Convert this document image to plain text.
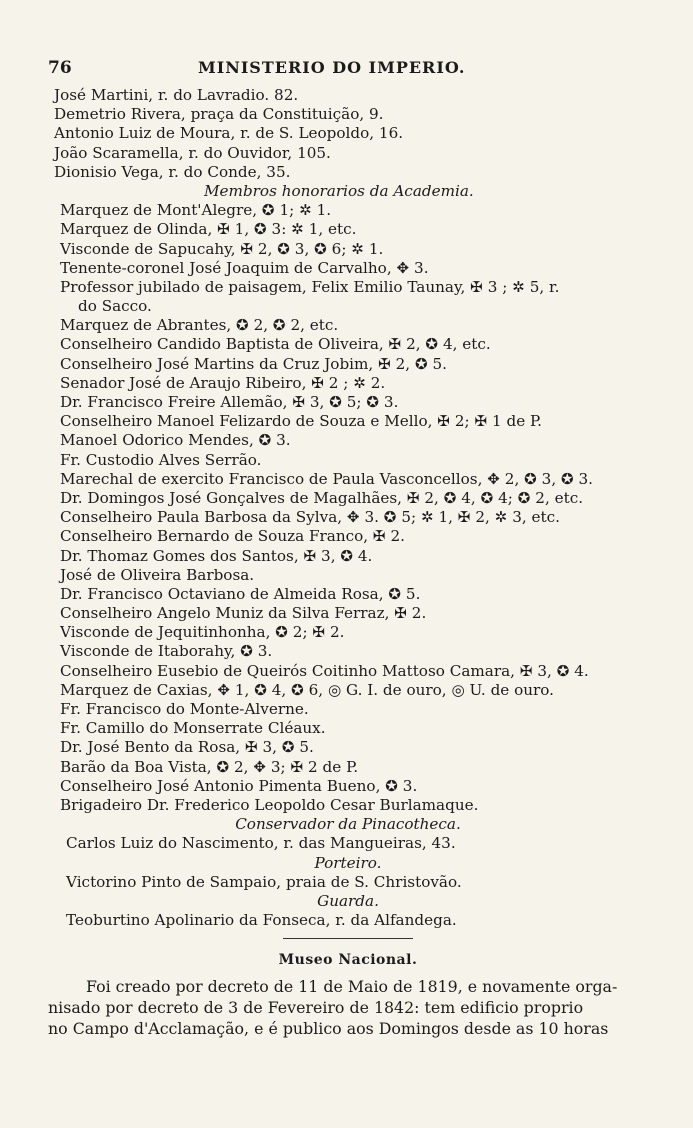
76	MINISTERIO DO IMPERIO.
José Martini, r. do Lavradio. 82.
Demetrio Rivera, praça da Constituição, 9.
Antonio Luiz de Moura, r. de S. Leopoldo, 16.
João Scaramella, r. do Ouvidor, 105.
Dionisio Vega, r. do Conde, 35.
Membros honorarios da Academia.
Marquez de Mont'Alegre, ✪ 1; ✲ 1.
Marquez de Olinda, ✠ 1, ✪ 3: ✲ 1, etc.
Visconde de Sapucahy, ✠ 2, ✪ 3, ✪ 6; ✲ 1.
Tenente-coronel José Joaquim de Carvalho, ✥ 3.
Professor jubilado de paisagem, Felix Emilio Taunay, ✠ 3 ; ✲ 5, r.
do Sacco.
Marquez de Abrantes, ✪ 2, ✪ 2, etc.
Conselheiro Candido Baptista de Oliveira, ✠ 2, ✪ 4, etc.
Conselheiro José Martins da Cruz Jobim, ✠ 2, ✪ 5.
Senador José de Araujo Ribeiro, ✠ 2 ; ✲ 2.
Dr. Francisco Freire Allemão, ✠ 3, ✪ 5; ✪ 3.
Conselheiro Manoel Felizardo de Souza e Mello, ✠ 2; ✠ 1 de P.
Manoel Odorico Mendes, ✪ 3.
Fr. Custodio Alves Serrão.
Marechal de exercito Francisco de Paula Vasconcellos, ✥ 2, ✪ 3, ✪ 3.
Dr. Domingos José Gonçalves de Magalhães, ✠ 2, ✪ 4, ✪ 4; ✪ 2, etc.
Conselheiro Paula Barbosa da Sylva, ✥ 3. ✪ 5; ✲ 1, ✠ 2, ✲ 3, etc.
Conselheiro Bernardo de Souza Franco, ✠ 2.
Dr. Thomaz Gomes dos Santos, ✠ 3, ✪ 4.
José de Oliveira Barbosa.
Dr. Francisco Octaviano de Almeida Rosa, ✪ 5.
Conselheiro Angelo Muniz da Silva Ferraz, ✠ 2.
Visconde de Jequitinhonha, ✪ 2; ✠ 2.
Visconde de Itaborahy, ✪ 3.
Conselheiro Eusebio de Queirós Coitinho Mattoso Camara, ✠ 3, ✪ 4.
Marquez de Caxias, ✥ 1, ✪ 4, ✪ 6, ◎ G. I. de ouro, ◎ U. de ouro.
Fr. Francisco do Monte-Alverne.
Fr. Camillo do Monserrate Cléaux.
Dr. José Bento da Rosa, ✠ 3, ✪ 5.
Barão da Boa Vista, ✪ 2, ✥ 3; ✠ 2 de P.
Conselheiro José Antonio Pimenta Bueno, ✪ 3.
Brigadeiro Dr. Frederico Leopoldo Cesar Burlamaque.
Conservador da Pinacotheca.
Carlos Luiz do Nascimento, r. das Mangueiras, 43.
Porteiro.
Victorino Pinto de Sampaio, praia de S. Christovão.
Guarda.
Teoburtino Apolinario da Fonseca, r. da Alfandega.
Museo Nacional.
Foi creado por decreto de 11 de Maio de 1819, e novamente orga-
nisado por decreto de 3 de Fevereiro de 1842: tem edificio proprio
no Campo d'Acclamação, e é publico aos Domingos desde as 10 horas
